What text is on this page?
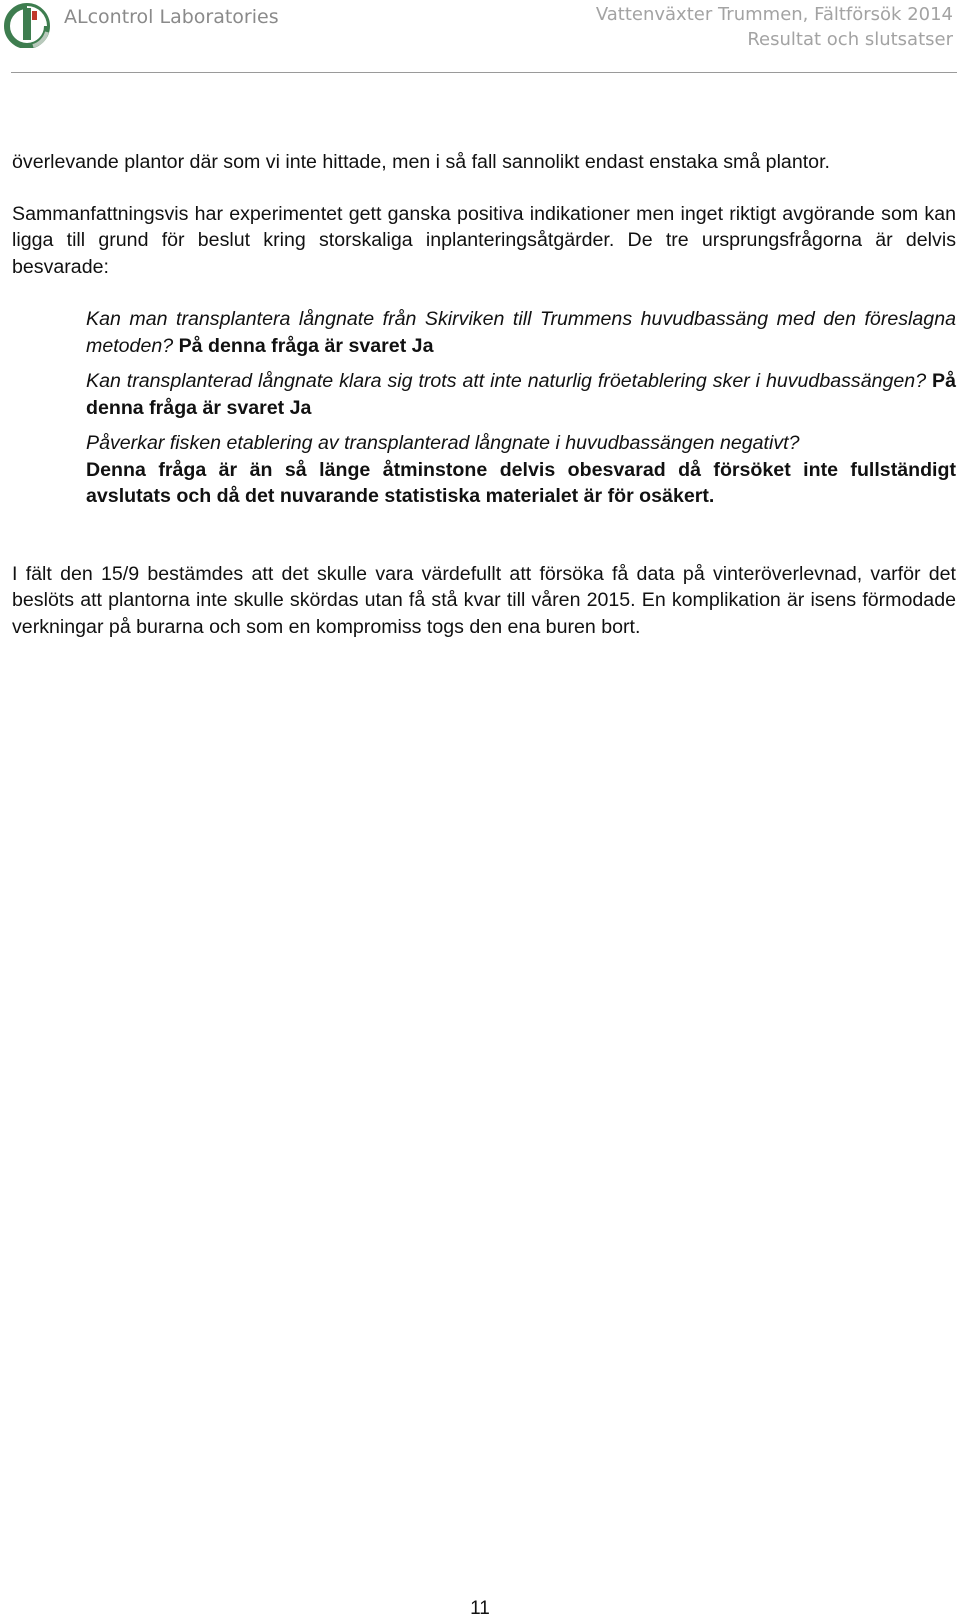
ALcontrol Laboratories	Vattenväxter Trummen, Fältförsök 2014
Resultat och slutsatser

överlevande plantor där som vi inte hittade, men i så fall sannolikt endast enstaka små plantor.

Sammanfattningsvis har experimentet gett ganska positiva indikationer men inget riktigt avgörande som kan ligga till grund för beslut kring storskaliga inplanteringsåtgärder. De tre ursprungsfrågorna är delvis besvarade:

Kan man transplantera långnate från Skirviken till Trummens huvudbassäng med den föreslagna metoden? På denna fråga är svaret Ja

Kan transplanterad långnate klara sig trots att inte naturlig fröetablering sker i huvudbassängen? På denna fråga är svaret Ja

Påverkar fisken etablering av transplanterad långnate i huvudbassängen negativt?
Denna fråga är än så länge åtminstone delvis obesvarad då försöket inte fullständigt avslutats och då det nuvarande statistiska materialet är för osäkert.

I fält den 15/9 bestämdes att det skulle vara värdefullt att försöka få data på vinteröverlevnad, varför det beslöts att plantorna inte skulle skördas utan få stå kvar till våren 2015. En komplikation är isens förmodade verkningar på burarna och som en kompromiss togs den ena buren bort.

11
